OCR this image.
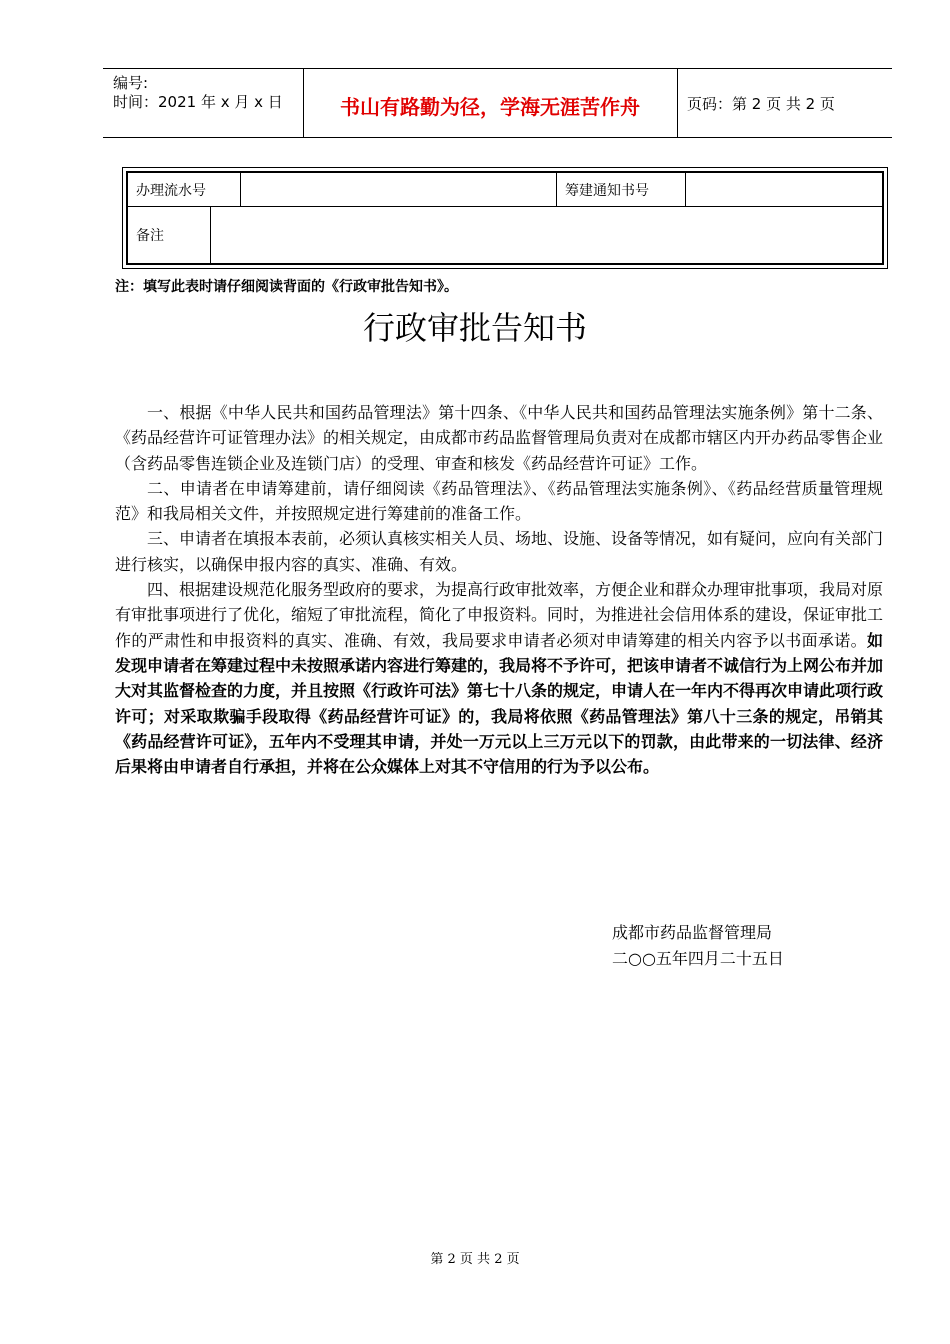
编号:
时间：2021 年 x 月 x 日	书山有路勤为径，学海无涯苦作舟	页码：第 2 页 共 2 页
办理流水号	筹建通知书号
备注
注：填写此表时请仔细阅读背面的《行政审批告知书》。
行政审批告知书

一、根据《中华人民共和国药品管理法》第十四条、《中华人民共和国药品管理法实施条例》第十二条、《药品经营许可证管理办法》的相关规定，由成都市药品监督管理局负责对在成都市辖区内开办药品零售企业（含药品零售连锁企业及连锁门店）的受理、审查和核发《药品经营许可证》工作。

二、申请者在申请筹建前，请仔细阅读《药品管理法》、《药品管理法实施条例》、《药品经营质量管理规范》和我局相关文件，并按照规定进行筹建前的准备工作。

三、申请者在填报本表前，必须认真核实相关人员、场地、设施、设备等情况，如有疑问，应向有关部门进行核实，以确保申报内容的真实、准确、有效。

四、根据建设规范化服务型政府的要求，为提高行政审批效率，方便企业和群众办理审批事项，我局对原有审批事项进行了优化，缩短了审批流程，简化了申报资料。同时，为推进社会信用体系的建设，保证审批工作的严肃性和申报资料的真实、准确、有效，我局要求申请者必须对申请筹建的相关内容予以书面承诺。如发现申请者在筹建过程中未按照承诺内容进行筹建的，我局将不予许可，把该申请者不诚信行为上网公布并加大对其监督检查的力度，并且按照《行政许可法》第七十八条的规定，申请人在一年内不得再次申请此项行政许可；对采取欺骗手段取得《药品经营许可证》的，我局将依照《药品管理法》第八十三条的规定，吊销其《药品经营许可证》，五年内不受理其申请，并处一万元以上三万元以下的罚款，由此带来的一切法律、经济后果将由申请者自行承担，并将在公众媒体上对其不守信用的行为予以公布。

成都市药品监督管理局
二○○五年四月二十五日
第 2 页 共 2 页
